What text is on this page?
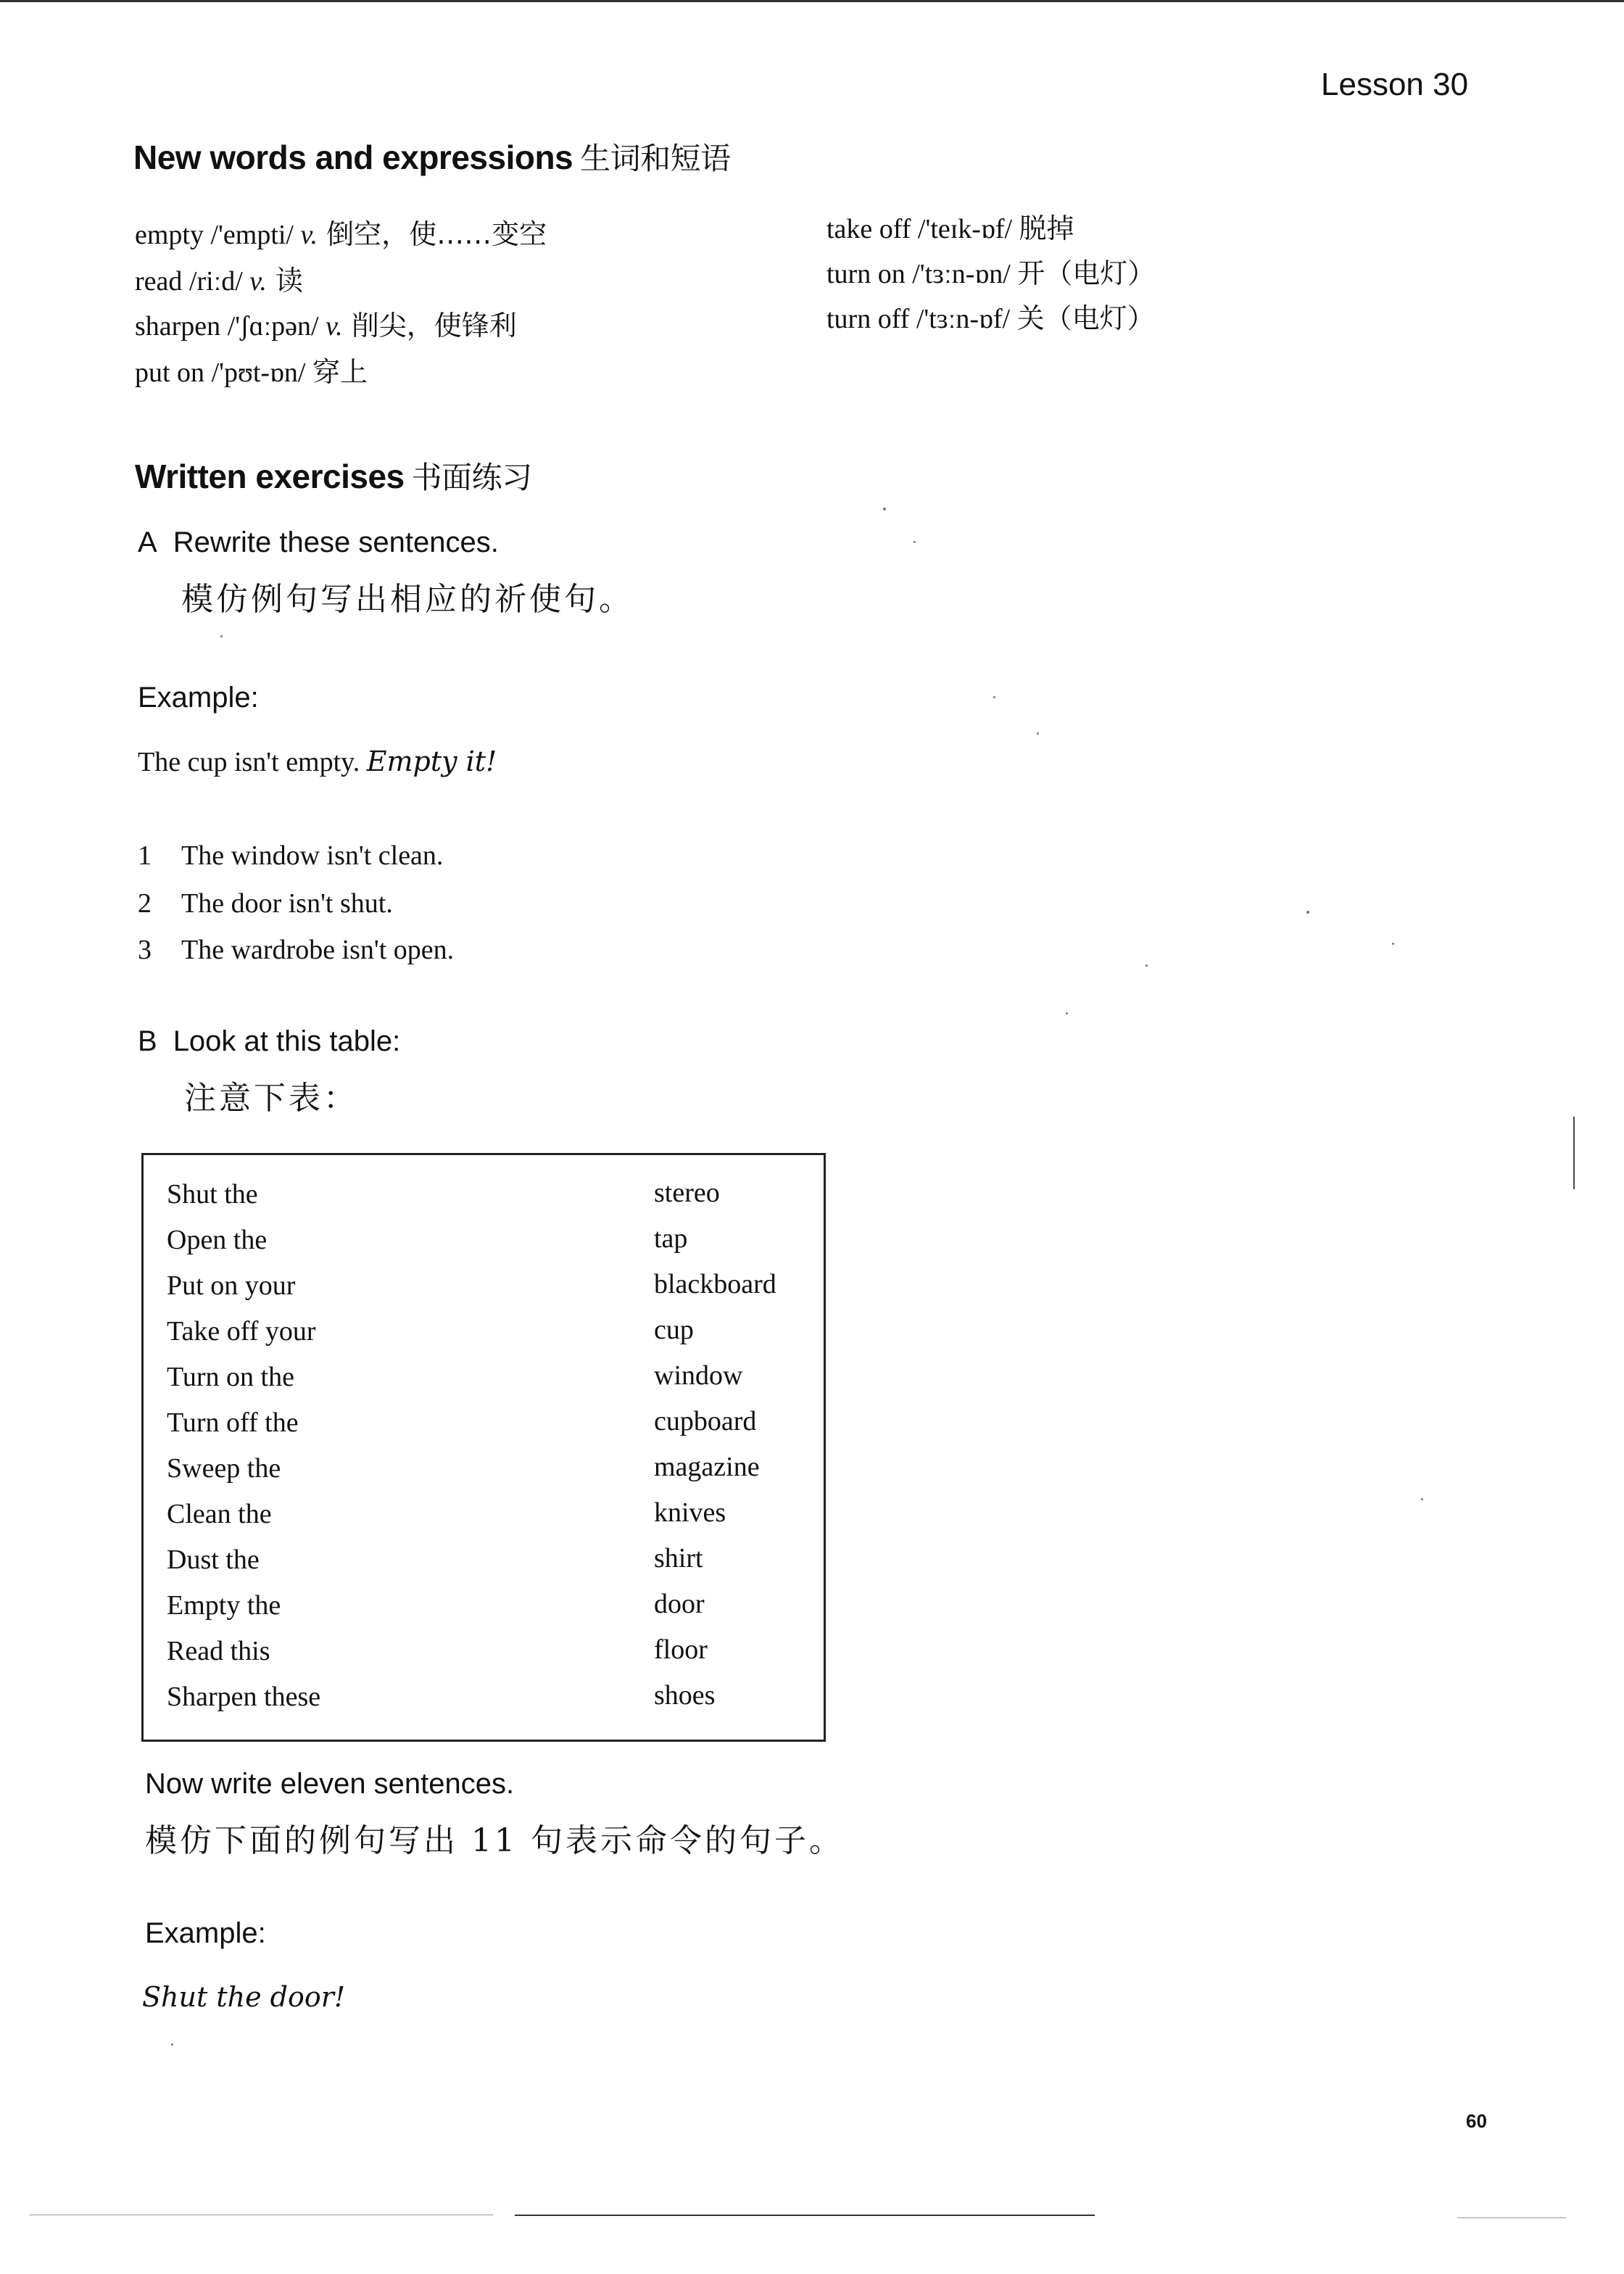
Lesson 30
New words and expressions 生词和短语
empty /'empti/ v. 倒空，使……变空
read /riːd/ v. 读
sharpen /'ʃɑːpən/ v. 削尖，使锋利
put on /'pʊt-ɒn/ 穿上
take off /'teɪk-ɒf/ 脱掉
turn on /'tɜːn-ɒn/ 开（电灯）
turn off /'tɜːn-ɒf/ 关（电灯）
Written exercises 书面练习
A Rewrite these sentences.
模仿例句写出相应的祈使句。
Example:
The cup isn't empty. Empty it!
1 The window isn't clean.
2 The door isn't shut.
3 The wardrobe isn't open.
B Look at this table:
注意下表：
Shut the
Open the
Put on your
Take off your
Turn on the
Turn off the
Sweep the
Clean the
Dust the
Empty the
Read this
Sharpen these
stereo
tap
blackboard
cup
window
cupboard
magazine
knives
shirt
door
floor
shoes
Now write eleven sentences.
模仿下面的例句写出 11 句表示命令的句子。
Example:
Shut the door!
60
